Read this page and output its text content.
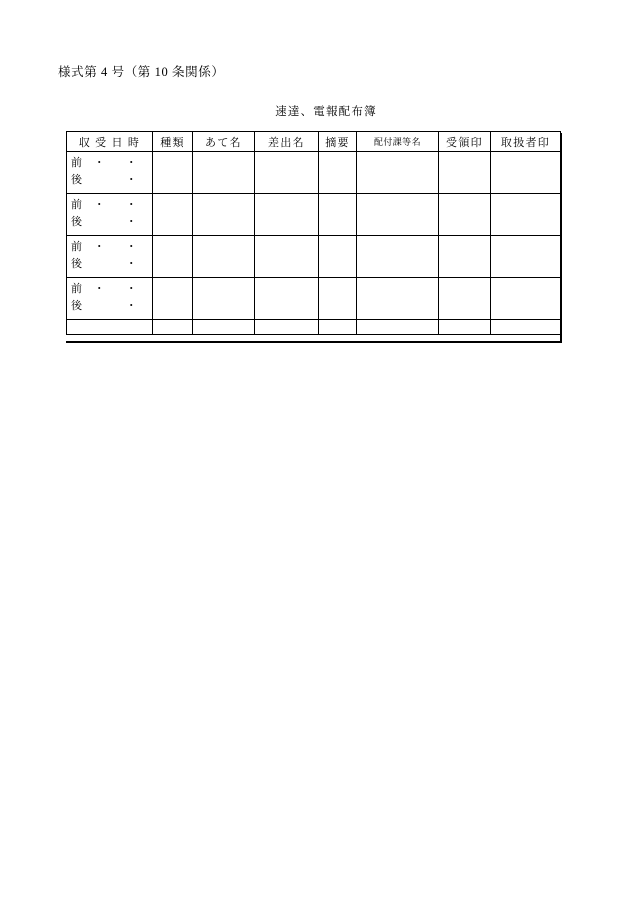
様式第 4 号（第 10 条関係）
速達、電報配布簿
収 受 日 時	種類	あて名	差出名	摘要	配付課等名	受領印	取扱者印

前 ・ ・
後 ・							

前 ・ ・
後 ・							

前 ・ ・
後 ・							

前 ・ ・
後 ・							
